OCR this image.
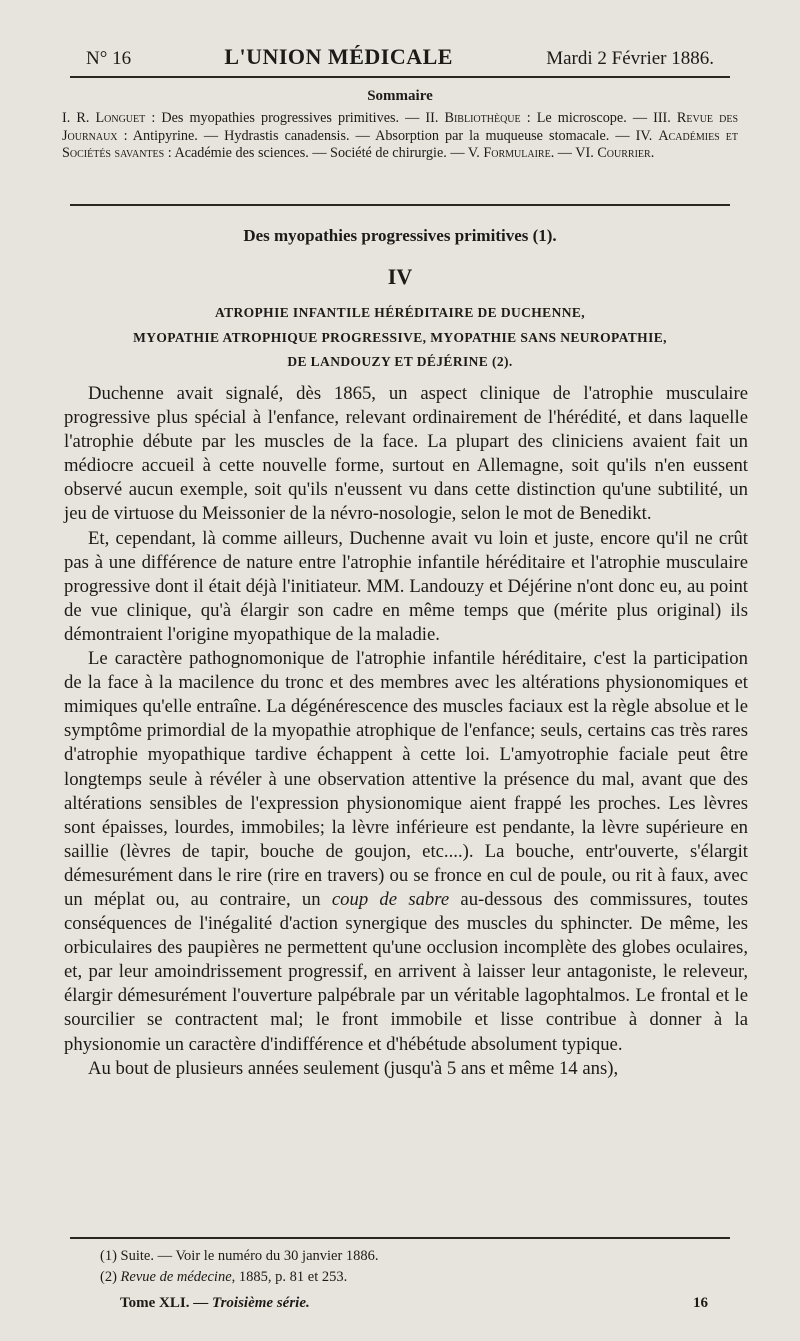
N° 16	L'UNION MÉDICALE	Mardi 2 Février 1886.
Sommaire
I. R. Longuet : Des myopathies progressives primitives. — II. Bibliothèque : Le microscope. — III. Revue des Journaux : Antipyrine. — Hydrastis canadensis. — Absorption par la muqueuse stomacale. — IV. Académies et Sociétés savantes : Académie des sciences. — Société de chirurgie. — V. Formulaire. — VI. Courrier.
Des myopathies progressives primitives (1).
IV
ATROPHIE INFANTILE HÉRÉDITAIRE DE DUCHENNE,
MYOPATHIE ATROPHIQUE PROGRESSIVE, MYOPATHIE SANS NEUROPATHIE,
DE LANDOUZY ET DÉJÉRINE (2).

Duchenne avait signalé, dès 1865, un aspect clinique de l'atrophie musculaire progressive plus spécial à l'enfance, relevant ordinairement de l'hérédité, et dans laquelle l'atrophie débute par les muscles de la face. La plupart des cliniciens avaient fait un médiocre accueil à cette nouvelle forme, surtout en Allemagne, soit qu'ils n'en eussent observé aucun exemple, soit qu'ils n'eussent vu dans cette distinction qu'une subtilité, un jeu de virtuose du Meissonier de la névro-nosologie, selon le mot de Benedikt.

Et, cependant, là comme ailleurs, Duchenne avait vu loin et juste, encore qu'il ne crût pas à une différence de nature entre l'atrophie infantile héréditaire et l'atrophie musculaire progressive dont il était déjà l'initiateur. MM. Landouzy et Déjérine n'ont donc eu, au point de vue clinique, qu'à élargir son cadre en même temps que (mérite plus original) ils démontraient l'origine myopathique de la maladie.

Le caractère pathognomonique de l'atrophie infantile héréditaire, c'est la participation de la face à la macilence du tronc et des membres avec les altérations physionomiques et mimiques qu'elle entraîne. La dégénérescence des muscles faciaux est la règle absolue et le symptôme primordial de la myopathie atrophique de l'enfance; seuls, certains cas très rares d'atrophie myopathique tardive échappent à cette loi. L'amyotrophie faciale peut être longtemps seule à révéler à une observation attentive la présence du mal, avant que des altérations sensibles de l'expression physionomique aient frappé les proches. Les lèvres sont épaisses, lourdes, immobiles; la lèvre inférieure est pendante, la lèvre supérieure en saillie (lèvres de tapir, bouche de goujon, etc....). La bouche, entr'ouverte, s'élargit démesurément dans le rire (rire en travers) ou se fronce en cul de poule, ou rit à faux, avec un méplat ou, au contraire, un coup de sabre au-dessous des commissures, toutes conséquences de l'inégalité d'action synergique des muscles du sphincter. De même, les orbiculaires des paupières ne permettent qu'une occlusion incomplète des globes oculaires, et, par leur amoindrissement progressif, en arrivent à laisser leur antagoniste, le releveur, élargir démesurément l'ouverture palpébrale par un véritable lagophtalmos. Le frontal et le sourcilier se contractent mal; le front immobile et lisse contribue à donner à la physionomie un caractère d'indifférence et d'hébétude absolument typique.

Au bout de plusieurs années seulement (jusqu'à 5 ans et même 14 ans),

(1) Suite. — Voir le numéro du 30 janvier 1886.
(2) Revue de médecine, 1885, p. 81 et 253.
Tome XLI. — Troisième série.	16
